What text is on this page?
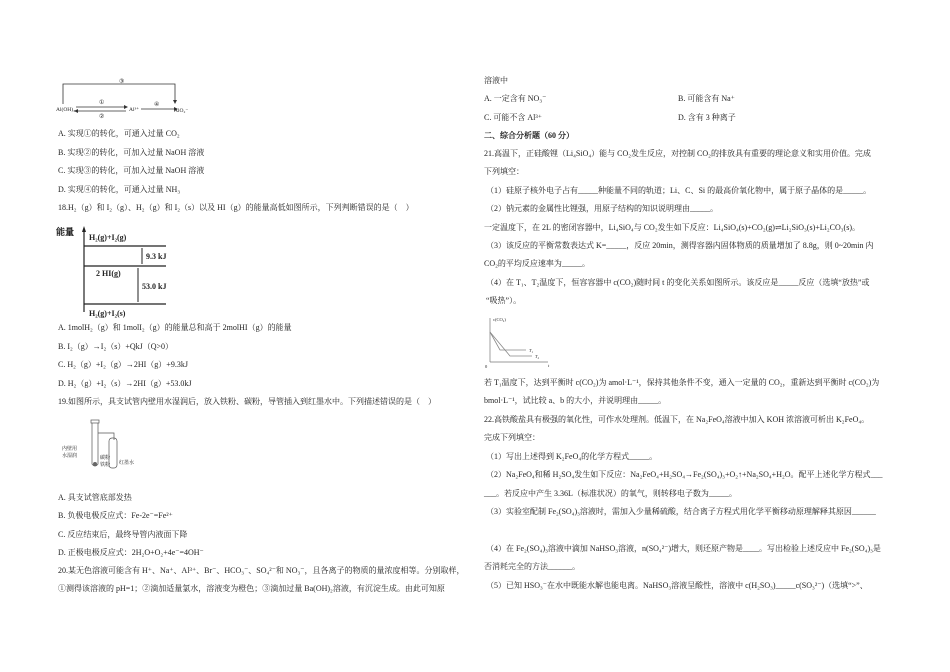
③
①
②
④
Al(OH)₃	Al³⁺	AlO₂⁻
A. 实现①的转化，可通入过量 CO₂
B. 实现②的转化，可加入过量 NaOH 溶液
C. 实现③的转化，可加入过量 NaOH 溶液
D. 实现④的转化，可通入过量 NH₃
18.H₂（g）和 I₂（g）、H₂（g）和 I₂（s）以及 HI（g）的能量高低如图所示，下列判断错误的是（　）
能量
H₂(g)+I₂(g)
2 HI(g)
H₂(g)+I₂(s)
9.3 kJ
53.0 kJ
A. 1molH₂（g）和 1molI₂（g）的能量总和高于 2molHI（g）的能量
B. I₂（g）→I₂（s）+QkJ（Q>0）
C. H₂（g）+I₂（g）→2HI（g）+9.3kJ
D. H₂（g）+I₂（s）→2HI（g）+53.0kJ
19.如图所示，具支试管内壁用水湿润后，放入铁粉、碳粉，导管插入到红墨水中。下列描述错误的是（　）
内壁用
水湿润	碳粉
铁粉 红墨水
A. 具支试管底部发热
B. 负极电极反应式：Fe-2e⁻=Fe²⁺
C. 反应结束后，最终导管内液面下降
D. 正极电极反应式：2H₂O+O₂+4e⁻=4OH⁻
20.某无色溶液可能含有 H⁺、Na⁺、Al³⁺、Br⁻、HCO₃⁻、SO₄²⁻和 NO₃⁻，且各离子的物质的量浓度相等。分别取样，
①测得该溶液的 pH=1；②滴加适量氯水，溶液变为橙色；③滴加过量 Ba(OH)₂溶液，有沉淀生成。由此可知原
溶液中
A. 一定含有 NO₃⁻	B. 可能含有 Na⁺
C. 可能不含 Al³⁺	D. 含有 3 种离子
二、综合分析题（60 分）
21.高温下，正硅酸锂（Li₄SiO₄）能与 CO₂发生反应，对控制 CO₂的排放具有重要的理论意义和实用价值。完成
下列填空：
（1）硅原子核外电子占有_____种能量不同的轨道；Li、C、Si 的最高价氧化物中，属于原子晶体的是_____。
（2）钠元素的金属性比锂强，用原子结构的知识说明理由_____。
一定温度下，在 2L 的密闭容器中，Li₄SiO₄与 CO₂发生如下反应：Li₄SiO₄(s)+CO₂(g)⇌Li₂SiO₃(s)+Li₂CO₃(s)。
（3）该反应的平衡常数表达式 K=_____，反应 20min，测得容器内固体物质的质量增加了 8.8g，则 0~20min 内
CO₂的平均反应速率为_____。
（4）在 T₁、T₂温度下，恒容容器中 c(CO₂)随时间 t 的变化关系如图所示。该反应是_____反应（选填“放热”或
“吸热”）。
c(CO₂)
t
0
T₁
T₂
若 T₁温度下，达到平衡时 c(CO₂)为 amol·L⁻¹，保持其他条件不变，通入一定量的 CO₂，重新达到平衡时 c(CO₂)为
bmol·L⁻¹，试比较 a、b 的大小，并说明理由_____。
22.高铁酸盐具有极强的氧化性，可作水处理剂。低温下，在 Na₂FeO₄溶液中加入 KOH 浓溶液可析出 K₂FeO₄。
完成下列填空：
（1）写出上述得到 K₂FeO₄的化学方程式_____。
（2）Na₂FeO₄和稀 H₂SO₄发生如下反应：Na₂FeO₄+H₂SO₄→Fe₂(SO₄)₃+O₂↑+Na₂SO₄+H₂O。配平上述化学方程式___
___。若反应中产生 3.36L（标准状况）的氧气，则转移电子数为_____。
（3）实验室配制 Fe₂(SO₄)₃溶液时，需加入少量稀硫酸，结合离子方程式用化学平衡移动原理解释其原因______
（4）在 Fe₂(SO₄)₃溶液中滴加 NaHSO₃溶液，n(SO₄²⁻)增大，则还原产物是____。写出检验上述反应中 Fe₂(SO₄)₃是
否消耗完全的方法______。
（5）已知 HSO₃⁻在水中既能水解也能电离。NaHSO₃溶液呈酸性，溶液中 c(H₂SO₃)_____c(SO₃²⁻)（选填“>”、
